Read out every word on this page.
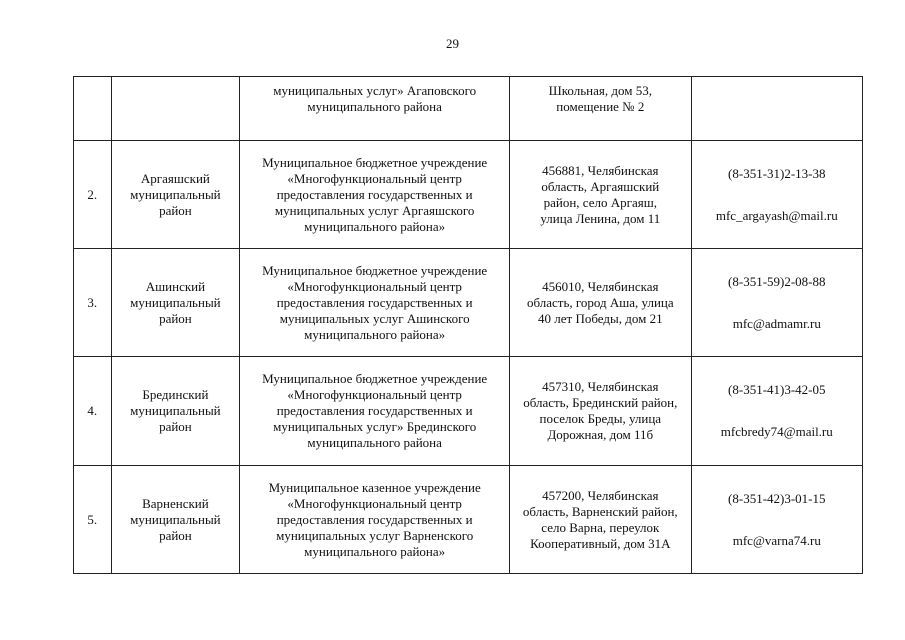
29
		муниципальных услуг» Агаповского
муниципального района	Школьная, дом 53,
помещение № 2	

2.	Аргаяшский
муниципальный
район	Муниципальное бюджетное учреждение
«Многофункциональный центр
предоставления государственных и
муниципальных услуг Аргаяшского
муниципального района»	456881, Челябинская
область, Аргаяшский
район, село Аргаяш,
улица Ленина, дом 11	(8-351-31)2-13-38

mfc_argayash@mail.ru

3.	Ашинский
муниципальный
район	Муниципальное бюджетное учреждение
«Многофункциональный центр
предоставления государственных и
муниципальных услуг Ашинского
муниципального района»	456010, Челябинская
область, город Аша, улица
40 лет Победы, дом 21	(8-351-59)2-08-88

mfc@admamr.ru

4.	Брединский
муниципальный
район	Муниципальное бюджетное учреждение
«Многофункциональный центр
предоставления государственных и
муниципальных услуг» Брединского
муниципального района	457310, Челябинская
область, Брединский район,
поселок Бреды, улица
Дорожная, дом 11б	(8-351-41)3-42-05

mfcbredy74@mail.ru

5.	Варненский
муниципальный
район	Муниципальное казенное учреждение
«Многофункциональный центр
предоставления государственных и
муниципальных услуг Варненского
муниципального района»	457200, Челябинская
область, Варненский район,
село Варна, переулок
Кооперативный, дом 31А	(8-351-42)3-01-15

mfc@varna74.ru
